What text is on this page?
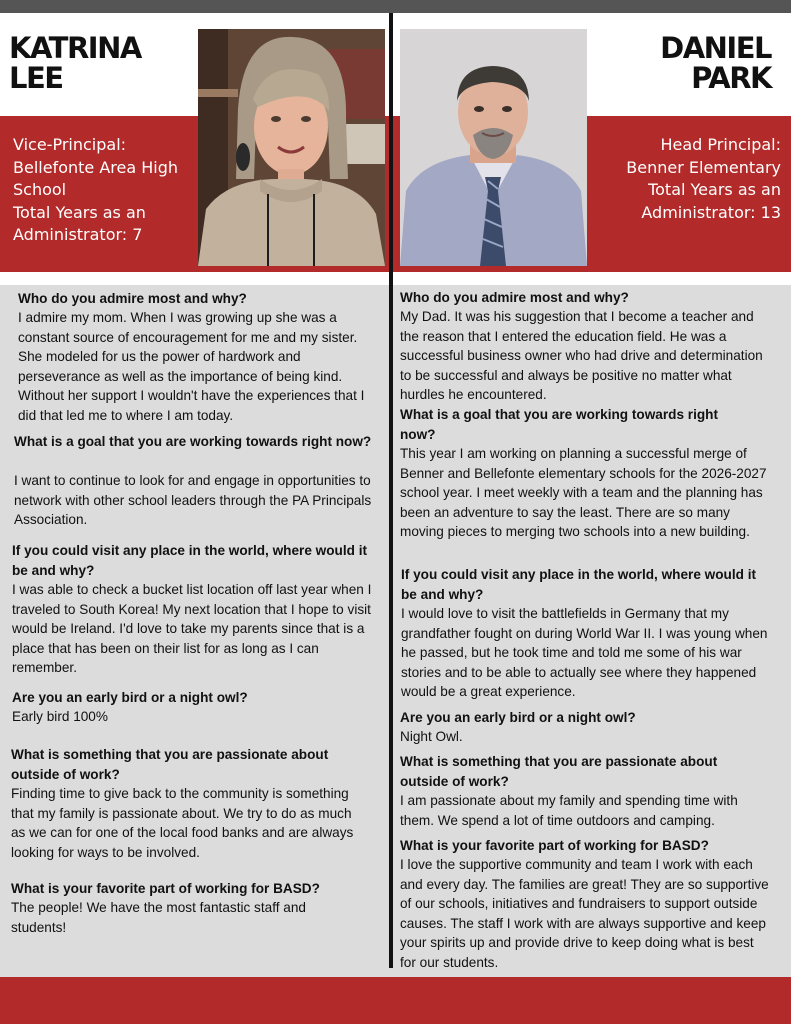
KATRINA
LEE
Vice-Principal:
Bellefonte Area High
School
Total Years as an
Administrator: 7
DANIEL
PARK
Head Principal:
Benner Elementary
Total Years as an
Administrator: 13

Who do you admire most and why?

I admire my mom. When I was growing up she was a constant source of encouragement for me and my sister. She modeled for us the power of hardwork and perseverance as well as the importance of being kind. Without her support I wouldn't have the experiences that I did that led me to where I am today.

What is a goal that you are working towards right now?

I want to continue to look for and engage in opportunities to network with other school leaders through the PA Principals Association.

If you could visit any place in the world, where would it be and why?

I was able to check a bucket list location off last year when I traveled to South Korea! My next location that I hope to visit would be Ireland. I'd love to take my parents since that is a place that has been on their list for as long as I can remember.

Are you an early bird or a night owl?

Early bird 100%

What is something that you are passionate about outside of work?

Finding time to give back to the community is something that my family is passionate about. We try to do as much as we can for one of the local food banks and are always looking for ways to be involved.

What is your favorite part of working for BASD?

The people! We have the most fantastic staff and students!

Who do you admire most and why?

My Dad. It was his suggestion that I become a teacher and the reason that I entered the education field. He was a successful business owner who had drive and determination to be successful and always be positive no matter what hurdles he encountered.

What is a goal that you are working towards right now?

This year I am working on planning a successful merge of Benner and Bellefonte elementary schools for the 2026-2027 school year. I meet weekly with a team and the planning has been an adventure to say the least. There are so many moving pieces to merging two schools into a new building.

If you could visit any place in the world, where would it be and why?

I would love to visit the battlefields in Germany that my grandfather fought on during World War II. I was young when he passed, but he took time and told me some of his war stories and to be able to actually see where they happened would be a great experience.

Are you an early bird or a night owl?

Night Owl.

What is something that you are passionate about outside of work?

I am passionate about my family and spending time with them. We spend a lot of time outdoors and camping.

What is your favorite part of working for BASD?

I love the supportive community and team I work with each and every day. The families are great! They are so supportive of our schools, initiatives and fundraisers to support outside causes. The staff I work with are always supportive and keep your spirits up and provide drive to keep doing what is best for our students.
